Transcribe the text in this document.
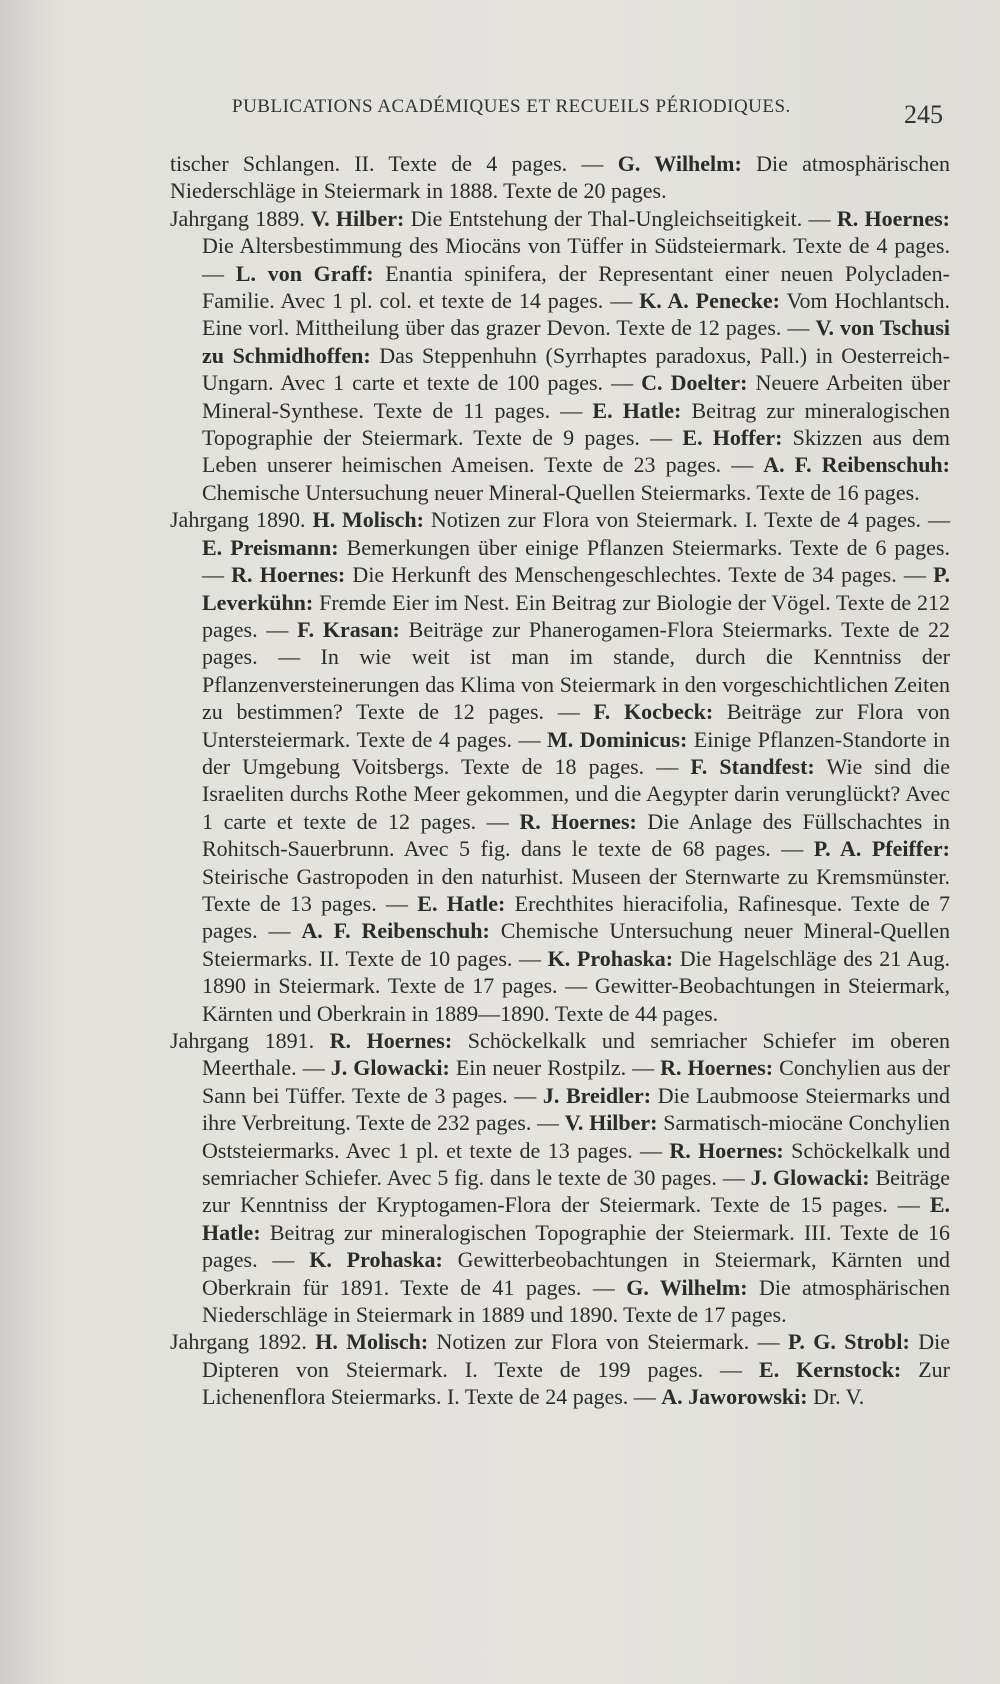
PUBLICATIONS ACADÉMIQUES ET RECUEILS PÉRIODIQUES.	245

tischer Schlangen. II. Texte de 4 pages. — G. Wilhelm: Die atmosphärischen Niederschläge in Steiermark in 1888. Texte de 20 pages.

Jahrgang 1889. V. Hilber: Die Entstehung der Thal-Ungleichseitigkeit. — R. Hoernes: Die Altersbestimmung des Miocäns von Tüffer in Südsteiermark. Texte de 4 pages. — L. von Graff: Enantia spinifera, der Representant einer neuen Polycladen-Familie. Avec 1 pl. col. et texte de 14 pages. — K. A. Penecke: Vom Hochlantsch. Eine vorl. Mittheilung über das grazer Devon. Texte de 12 pages. — V. von Tschusi zu Schmidhoffen: Das Steppenhuhn (Syrrhaptes paradoxus, Pall.) in Oesterreich-Ungarn. Avec 1 carte et texte de 100 pages. — C. Doelter: Neuere Arbeiten über Mineral-Synthese. Texte de 11 pages. — E. Hatle: Beitrag zur mineralogischen Topographie der Steiermark. Texte de 9 pages. — E. Hoffer: Skizzen aus dem Leben unserer heimischen Ameisen. Texte de 23 pages. — A. F. Reibenschuh: Chemische Untersuchung neuer Mineral-Quellen Steiermarks. Texte de 16 pages.

Jahrgang 1890. H. Molisch: Notizen zur Flora von Steiermark. I. Texte de 4 pages. — E. Preismann: Bemerkungen über einige Pflanzen Steiermarks. Texte de 6 pages. — R. Hoernes: Die Herkunft des Menschengeschlechtes. Texte de 34 pages. — P. Leverkühn: Fremde Eier im Nest. Ein Beitrag zur Biologie der Vögel. Texte de 212 pages. — F. Krasan: Beiträge zur Phanerogamen-Flora Steiermarks. Texte de 22 pages. — In wie weit ist man im stande, durch die Kenntniss der Pflanzenversteinerungen das Klima von Steiermark in den vorgeschichtlichen Zeiten zu bestimmen? Texte de 12 pages. — F. Kocbeck: Beiträge zur Flora von Untersteiermark. Texte de 4 pages. — M. Dominicus: Einige Pflanzen-Standorte in der Umgebung Voitsbergs. Texte de 18 pages. — F. Standfest: Wie sind die Israeliten durchs Rothe Meer gekommen, und die Aegypter darin verunglückt? Avec 1 carte et texte de 12 pages. — R. Hoernes: Die Anlage des Füllschachtes in Rohitsch-Sauerbrunn. Avec 5 fig. dans le texte de 68 pages. — P. A. Pfeiffer: Steirische Gastropoden in den naturhist. Museen der Sternwarte zu Kremsmünster. Texte de 13 pages. — E. Hatle: Erechthites hieracifolia, Rafinesque. Texte de 7 pages. — A. F. Reibenschuh: Chemische Untersuchung neuer Mineral-Quellen Steiermarks. II. Texte de 10 pages. — K. Prohaska: Die Hagelschläge des 21 Aug. 1890 in Steiermark. Texte de 17 pages. — Gewitter-Beobachtungen in Steiermark, Kärnten und Oberkrain in 1889—1890. Texte de 44 pages.

Jahrgang 1891. R. Hoernes: Schöckelkalk und semriacher Schiefer im oberen Meerthale. — J. Glowacki: Ein neuer Rostpilz. — R. Hoernes: Conchylien aus der Sann bei Tüffer. Texte de 3 pages. — J. Breidler: Die Laubmoose Steiermarks und ihre Verbreitung. Texte de 232 pages. — V. Hilber: Sarmatisch-miocäne Conchylien Oststeiermarks. Avec 1 pl. et texte de 13 pages. — R. Hoernes: Schöckelkalk und semriacher Schiefer. Avec 5 fig. dans le texte de 30 pages. — J. Glowacki: Beiträge zur Kenntniss der Kryptogamen-Flora der Steiermark. Texte de 15 pages. — E. Hatle: Beitrag zur mineralogischen Topographie der Steiermark. III. Texte de 16 pages. — K. Prohaska: Gewitterbeobachtungen in Steiermark, Kärnten und Oberkrain für 1891. Texte de 41 pages. — G. Wilhelm: Die atmosphärischen Niederschläge in Steiermark in 1889 und 1890. Texte de 17 pages.

Jahrgang 1892. H. Molisch: Notizen zur Flora von Steiermark. — P. G. Strobl: Die Dipteren von Steiermark. I. Texte de 199 pages. — E. Kernstock: Zur Lichenenflora Steiermarks. I. Texte de 24 pages. — A. Jaworowski: Dr. V.
